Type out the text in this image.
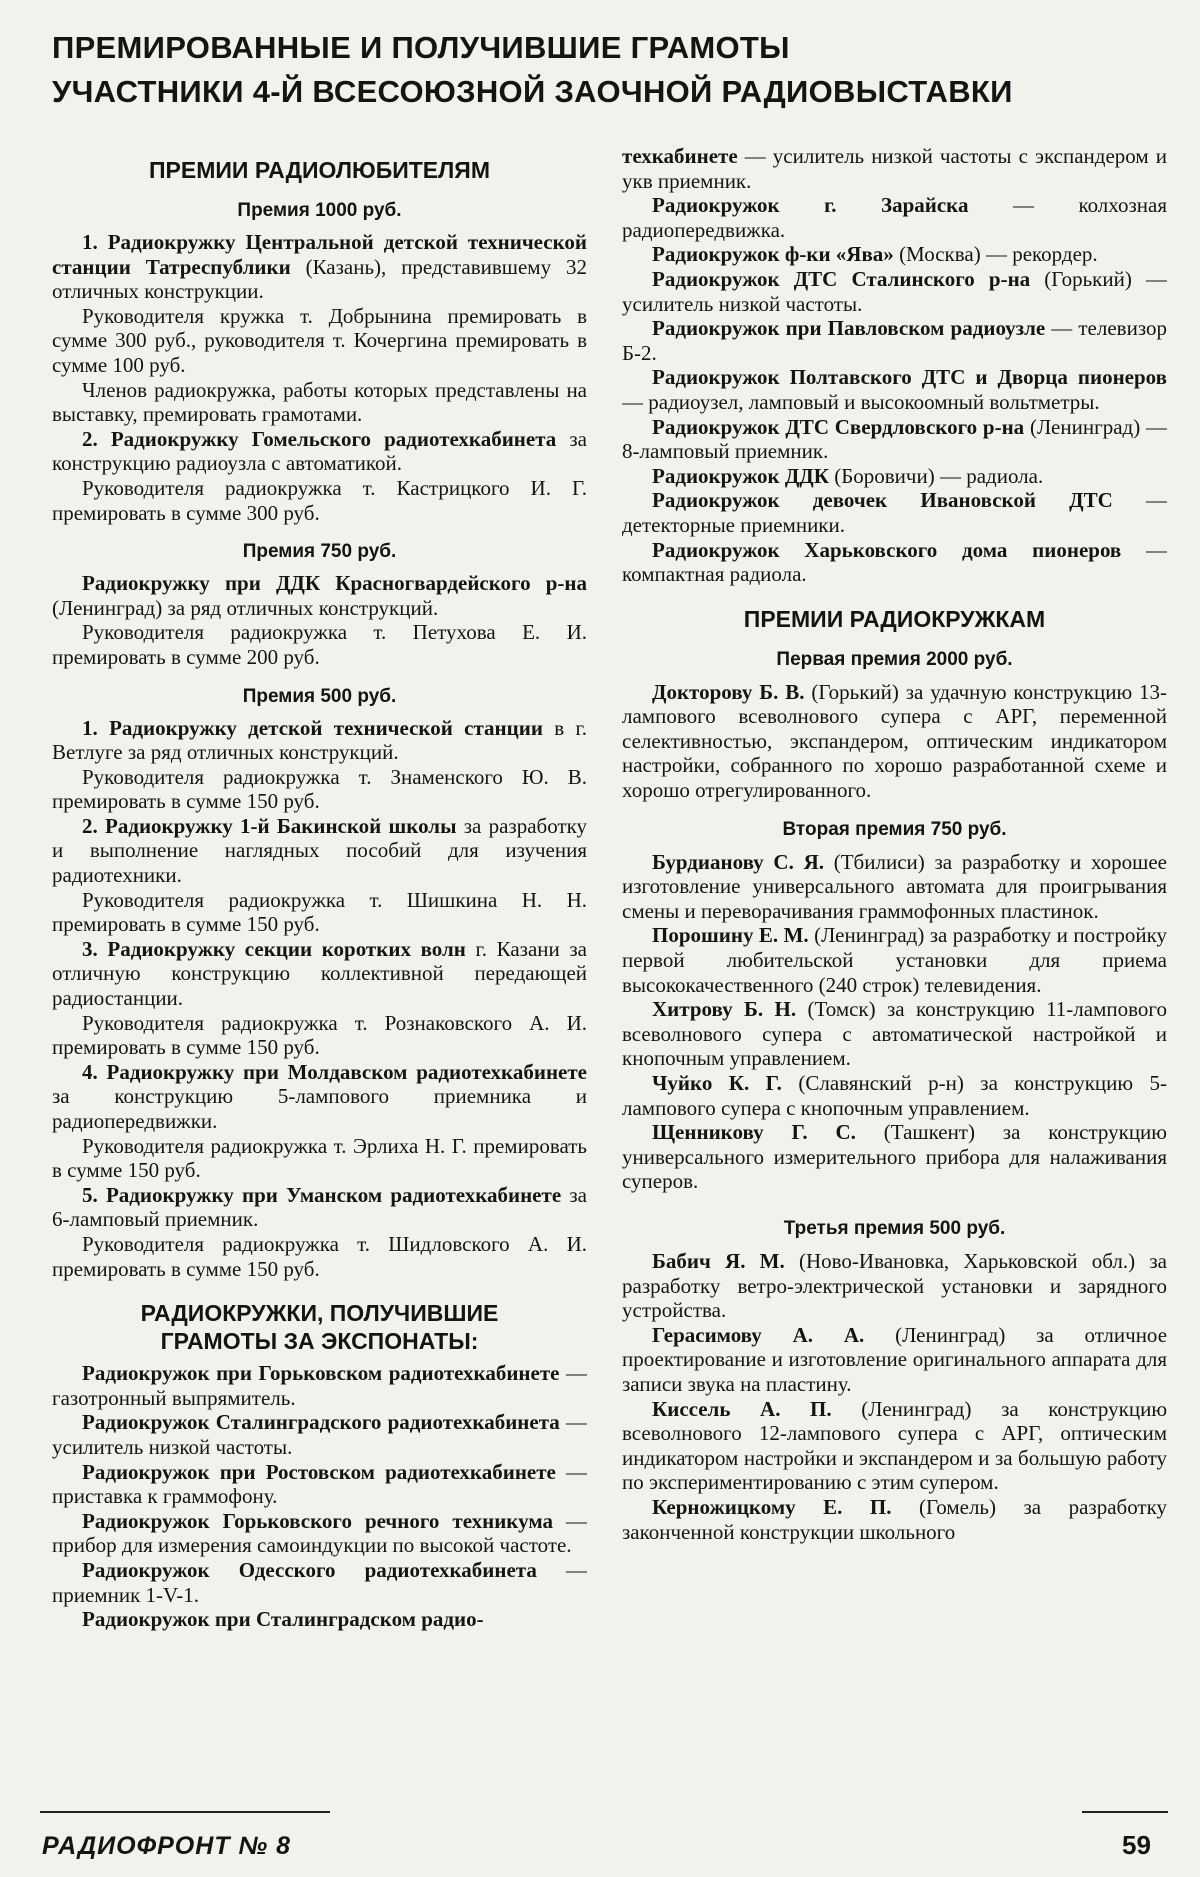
ПРЕМИРОВАННЫЕ И ПОЛУЧИВШИЕ ГРАМОТЫ
УЧАСТНИКИ 4-Й ВСЕСОЮЗНОЙ ЗАОЧНОЙ РАДИОВЫСТАВКИ
ПРЕМИИ РАДИОЛЮБИТЕЛЯМ
Премия 1000 руб.

1. Радиокружку Центральной детской технической станции Татреспублики (Казань), представившему 32 отличных конструкции.

Руководителя кружка т. Добрынина премировать в сумме 300 руб., руководителя т. Кочергина премировать в сумме 100 руб.

Членов радиокружка, работы которых представлены на выставку, премировать грамотами.

2. Радиокружку Гомельского радиотехкабинета за конструкцию радиоузла с автоматикой.

Руководителя радиокружка т. Кастрицкого И. Г. премировать в сумме 300 руб.

Премия 750 руб.

Радиокружку при ДДК Красногвардейского р-на (Ленинград) за ряд отличных конструкций.

Руководителя радиокружка т. Петухова Е. И. премировать в сумме 200 руб.

Премия 500 руб.

1. Радиокружку детской технической станции в г. Ветлуге за ряд отличных конструкций.

Руководителя радиокружка т. Знаменского Ю. В. премировать в сумме 150 руб.

2. Радиокружку 1-й Бакинской школы за разработку и выполнение наглядных пособий для изучения радиотехники.

Руководителя радиокружка т. Шишкина Н. Н. премировать в сумме 150 руб.

3. Радиокружку секции коротких волн г. Казани за отличную конструкцию коллективной передающей радиостанции.

Руководителя радиокружка т. Рознаковского А. И. премировать в сумме 150 руб.

4. Радиокружку при Молдавском радиотехкабинете за конструкцию 5-лампового приемника и радиопередвижки.

Руководителя радиокружка т. Эрлиха Н. Г. премировать в сумме 150 руб.

5. Радиокружку при Уманском радиотехкабинете за 6-ламповый приемник.

Руководителя радиокружка т. Шидловского А. И. премировать в сумме 150 руб.

РАДИОКРУЖКИ, ПОЛУЧИВШИЕ
ГРАМОТЫ ЗА ЭКСПОНАТЫ:

Радиокружок при Горьковском радиотехкабинете — газотронный выпрямитель.

Радиокружок Сталинградского радиотехкабинета — усилитель низкой частоты.

Радиокружок при Ростовском радиотехкабинете — приставка к граммофону.

Радиокружок Горьковского речного техникума — прибор для измерения самоиндукции по высокой частоте.

Радиокружок Одесского радиотехкабинета — приемник 1-V-1.

Радиокружок при Сталинградском радио-

техкабинете — усилитель низкой частоты с экспандером и укв приемник.

Радиокружок г. Зарайска — колхозная радиопередвижка.

Радиокружок ф-ки «Ява» (Москва) — рекордер.

Радиокружок ДТС Сталинского р-на (Горький) — усилитель низкой частоты.

Радиокружок при Павловском радиоузле — телевизор Б-2.

Радиокружок Полтавского ДТС и Дворца пионеров — радиоузел, ламповый и высокоомный вольтметры.

Радиокружок ДТС Свердловского р-на (Ленинград) — 8-ламповый приемник.

Радиокружок ДДК (Боровичи) — радиола.

Радиокружок девочек Ивановской ДТС — детекторные приемники.

Радиокружок Харьковского дома пионеров — компактная радиола.

ПРЕМИИ РАДИОКРУЖКАМ
Первая премия 2000 руб.

Докторову Б. В. (Горький) за удачную конструкцию 13-лампового всеволнового супера с АРГ, переменной селективностью, экспандером, оптическим индикатором настройки, собранного по хорошо разработанной схеме и хорошо отрегулированного.

Вторая премия 750 руб.

Бурдианову С. Я. (Тбилиси) за разработку и хорошее изготовление универсального автомата для проигрывания смены и переворачивания граммофонных пластинок.

Порошину Е. М. (Ленинград) за разработку и постройку первой любительской установки для приема высококачественного (240 строк) телевидения.

Хитрову Б. Н. (Томск) за конструкцию 11-лампового всеволнового супера с автоматической настройкой и кнопочным управлением.

Чуйко К. Г. (Славянский р-н) за конструкцию 5-лампового супера с кнопочным управлением.

Щенникову Г. С. (Ташкент) за конструкцию универсального измерительного прибора для налаживания суперов.

Третья премия 500 руб.

Бабич Я. М. (Ново-Ивановка, Харьковской обл.) за разработку ветро-электрической установки и зарядного устройства.

Герасимову А. А. (Ленинград) за отличное проектирование и изготовление оригинального аппарата для записи звука на пластину.

Киссель А. П. (Ленинград) за конструкцию всеволнового 12-лампового супера с АРГ, оптическим индикатором настройки и экспандером и за большую работу по экспериментированию с этим супером.

Керножицкому Е. П. (Гомель) за разработку законченной конструкции школьного

РАДИОФРОНТ № 8	59
